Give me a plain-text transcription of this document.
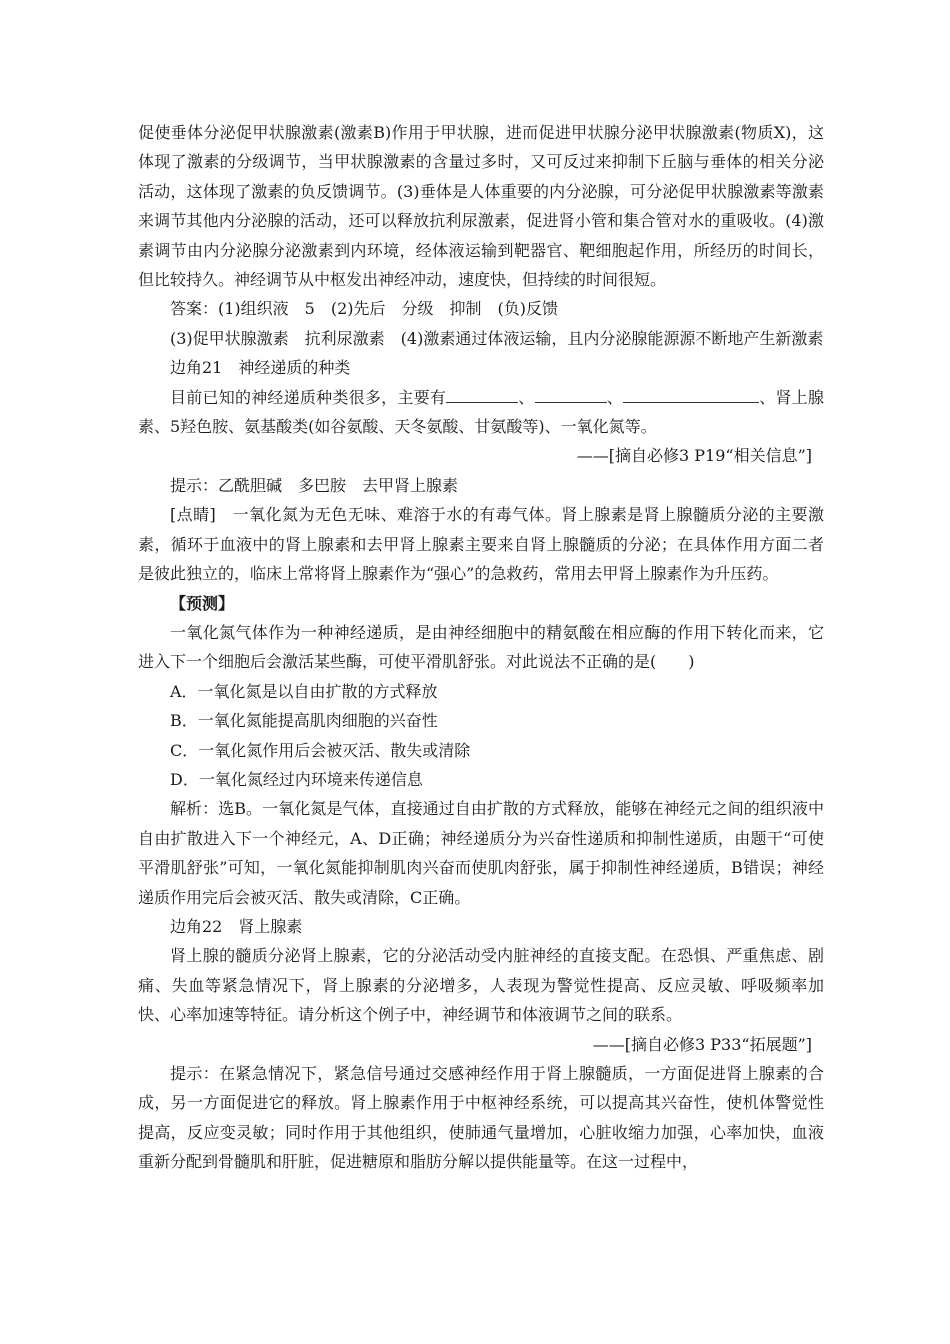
促使垂体分泌促甲状腺激素(激素B)作用于甲状腺，进而促进甲状腺分泌甲状腺激素(物质X)，这体现了激素的分级调节，当甲状腺激素的含量过多时，又可反过来抑制下丘脑与垂体的相关分泌活动，这体现了激素的负反馈调节。(3)垂体是人体重要的内分泌腺，可分泌促甲状腺激素等激素来调节其他内分泌腺的活动，还可以释放抗利尿激素，促进肾小管和集合管对水的重吸收。(4)激素调节由内分泌腺分泌激素到内环境，经体液运输到靶器官、靶细胞起作用，所经历的时间长，但比较持久。神经调节从中枢发出神经冲动，速度快，但持续的时间很短。

答案：(1)组织液　5　(2)先后　分级　抑制　(负)反馈

(3)促甲状腺激素　抗利尿激素　(4)激素通过体液运输，且内分泌腺能源源不断地产生新激素

边角21　神经递质的种类

目前已知的神经递质种类很多，主要有	、	、	、肾上腺素、5羟色胺、氨基酸类(如谷氨酸、天冬氨酸、甘氨酸等)、一氧化氮等。

——[摘自必修3 P19“相关信息”]

提示：乙酰胆碱　多巴胺　去甲肾上腺素

[点睛]　一氧化氮为无色无味、难溶于水的有毒气体。肾上腺素是肾上腺髓质分泌的主要激素，循环于血液中的肾上腺素和去甲肾上腺素主要来自肾上腺髓质的分泌；在具体作用方面二者是彼此独立的，临床上常将肾上腺素作为“强心”的急救药，常用去甲肾上腺素作为升压药。

【预测】

一氧化氮气体作为一种神经递质，是由神经细胞中的精氨酸在相应酶的作用下转化而来，它进入下一个细胞后会激活某些酶，可使平滑肌舒张。对此说法不正确的是(　　)

A．一氧化氮是以自由扩散的方式释放

B．一氧化氮能提高肌肉细胞的兴奋性

C．一氧化氮作用后会被灭活、散失或清除

D．一氧化氮经过内环境来传递信息

解析：选B。一氧化氮是气体，直接通过自由扩散的方式释放，能够在神经元之间的组织液中自由扩散进入下一个神经元，A、D正确；神经递质分为兴奋性递质和抑制性递质，由题干“可使平滑肌舒张”可知，一氧化氮能抑制肌肉兴奋而使肌肉舒张，属于抑制性神经递质，B错误；神经递质作用完后会被灭活、散失或清除，C正确。

边角22　肾上腺素

肾上腺的髓质分泌肾上腺素，它的分泌活动受内脏神经的直接支配。在恐惧、严重焦虑、剧痛、失血等紧急情况下，肾上腺素的分泌增多，人表现为警觉性提高、反应灵敏、呼吸频率加快、心率加速等特征。请分析这个例子中，神经调节和体液调节之间的联系。

——[摘自必修3 P33“拓展题”]

提示：在紧急情况下，紧急信号通过交感神经作用于肾上腺髓质，一方面促进肾上腺素的合成，另一方面促进它的释放。肾上腺素作用于中枢神经系统，可以提高其兴奋性，使机体警觉性提高，反应变灵敏；同时作用于其他组织，使肺通气量增加，心脏收缩力加强，心率加快，血液重新分配到骨髓肌和肝脏，促进糖原和脂肪分解以提供能量等。在这一过程中，
